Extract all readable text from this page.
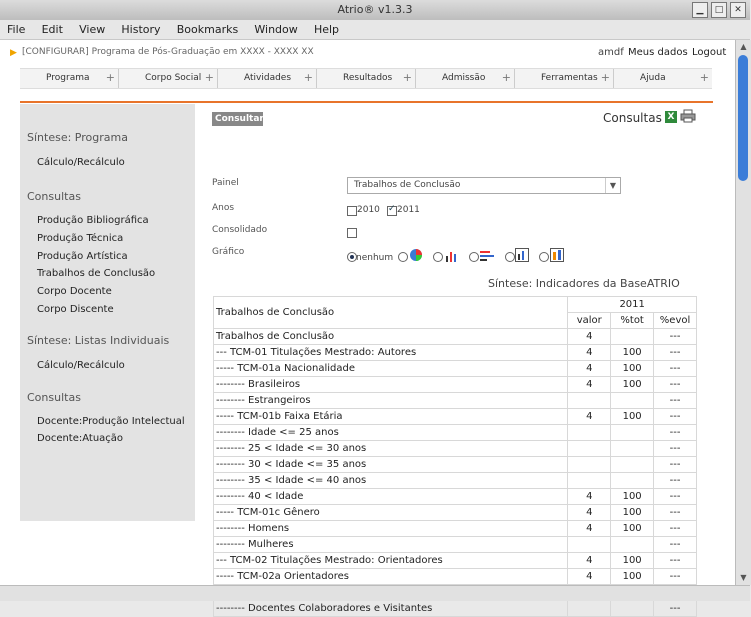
Atrio® v1.3.3	▁	□	✕
File Edit View History Bookmarks Window Help
▶ [CONFIGURAR] Programa de Pós-Graduação em XXXX - XXXX XX	amdf Meus dados Logout
Programa +	Corpo Social +	Atividades +	Resultados +	Admissão +	Ferramentas +	Ajuda	+
Síntese: Programa
Cálculo/Recálculo
Consultas
Produção Bibliográfica
Produção Técnica
Produção Artística
Trabalhos de Conclusão
Corpo Docente
Corpo Discente
Síntese: Listas Individuais
Cálculo/Recálculo
Consultas
Docente:Produção Intelectual
Docente:Atuação
Consultar	Consultas X
Painel	Trabalhos de Conclusão	▼
Anos	2010 ✓ 2011
Consolidado
Gráfico
nenhum
Síntese: Indicadores da BaseATRIO
Trabalhos de Conclusão	2011		
	valor	%tot	%evol
Trabalhos de Conclusão	4		---
--- TCM-01 Titulações Mestrado: Autores	4	100	---
----- TCM-01a Nacionalidade	4	100	---
-------- Brasileiros	4	100	---
-------- Estrangeiros			---
----- TCM-01b Faixa Etária	4	100	---
-------- Idade <= 25 anos			---
-------- 25 < Idade <= 30 anos			---
-------- 30 < Idade <= 35 anos			---
-------- 35 < Idade <= 40 anos			---
-------- 40 < Idade	4	100	---
----- TCM-01c Gênero	4	100	---
-------- Homens	4	100	---
-------- Mulheres			---
--- TCM-02 Titulações Mestrado: Orientadores	4	100	---
----- TCM-02a Orientadores	4	100	---

-------- Docentes Colaboradores e Visitantes			---
▲
▼
